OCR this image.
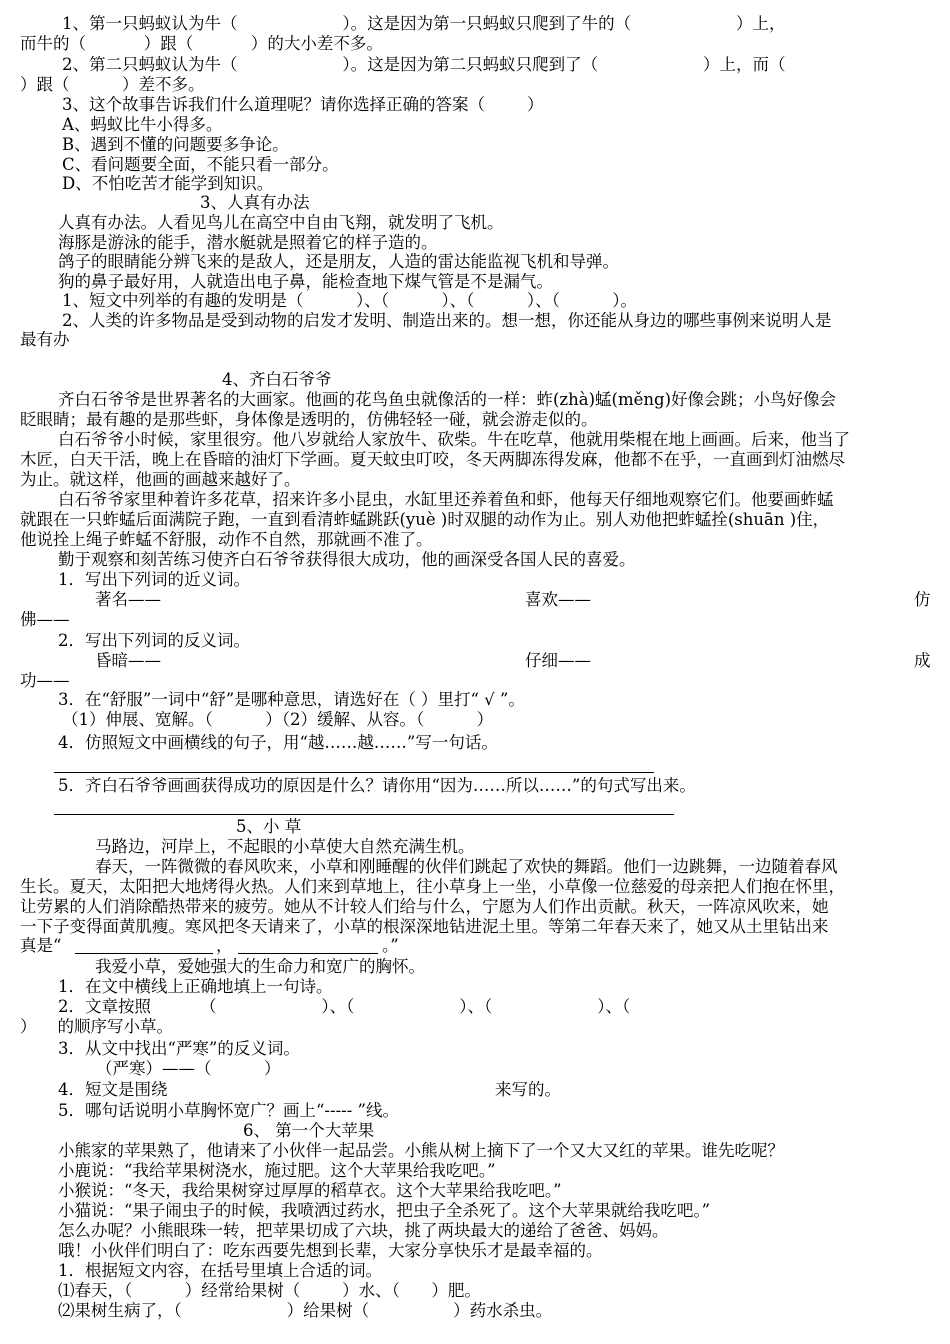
1、第一只蚂蚁认为牛（                    ）。这是因为第一只蚂蚁只爬到了牛的（                    ）上，
而牛的（           ）跟（           ）的大小差不多。
2、第二只蚂蚁认为牛（                    ）。这是因为第二只蚂蚁只爬到了（                    ）上，而（
）跟（          ）差不多。
3、这个故事告诉我们什么道理呢？请你选择正确的答案（        ）
A、蚂蚁比牛小得多。
B、遇到不懂的问题要多争论。
C、看问题要全面，不能只看一部分。
D、不怕吃苦才能学到知识。
3、人真有办法
人真有办法。人看见鸟儿在高空中自由飞翔，就发明了飞机。
海豚是游泳的能手，潜水艇就是照着它的样子造的。
鸽子的眼睛能分辨飞来的是敌人，还是朋友，人造的雷达能监视飞机和导弹。
狗的鼻子最好用，人就造出电子鼻，能检查地下煤气管是不是漏气。
1、短文中列举的有趣的发明是（          ）、（          ）、（          ）、（          ）。
2、人类的许多物品是受到动物的启发才发明、制造出来的。想一想，你还能从身边的哪些事例来说明人是
最有办
4、齐白石爷爷
齐白石爷爷是世界著名的大画家。他画的花鸟鱼虫就像活的一样：蚱(zhà)蜢(měng)好像会跳；小鸟好像会
眨眼睛；最有趣的是那些虾，身体像是透明的，仿佛轻轻一碰，就会游走似的。
白石爷爷小时候，家里很穷。他八岁就给人家放牛、砍柴。牛在吃草，他就用柴棍在地上画画。后来，他当了
木匠，白天干活，晚上在昏暗的油灯下学画。夏天蚊虫叮咬，冬天两脚冻得发麻，他都不在乎，一直画到灯油燃尽
为止。就这样，他画的画越来越好了。
白石爷爷家里种着许多花草，招来许多小昆虫，水缸里还养着鱼和虾，他每天仔细地观察它们。他要画蚱蜢
就跟在一只蚱蜢后面满院子跑，一直到看清蚱蜢跳跃(yuè )时双腿的动作为止。别人劝他把蚱蜢拴(shuān )住，
他说拴上绳子蚱蜢不舒服，动作不自然，那就画不准了。
勤于观察和刻苦练习使齐白石爷爷获得很大成功，他的画深受各国人民的喜爱。
1．写出下列词的近义词。
著名——	喜欢——	仿
佛——
2．写出下列词的反义词。
昏暗——	仔细——	成
功——
3．在“舒服”一词中“舒”是哪种意思，请选好在（ ）里打“ √ ”。
（1）伸展、宽解。（          ）（2）缓解、从容。（          ）
4．仿照短文中画横线的句子，用“越……越……”写一句话。
5．齐白石爷爷画画获得成功的原因是什么？请你用“因为……所以……”的句式写出来。
5、小 草
马路边，河岸上，不起眼的小草使大自然充满生机。
春天，一阵微微的春风吹来，小草和刚睡醒的伙伴们跳起了欢快的舞蹈。他们一边跳舞，一边随着春风
生长。夏天，太阳把大地烤得火热。人们来到草地上，往小草身上一坐，小草像一位慈爱的母亲把人们抱在怀里，
让劳累的人们消除酷热带来的疲劳。她从不计较人们给与什么，宁愿为人们作出贡献。秋天，一阵凉风吹来，她
一下子变得面黄肌瘦。寒风把冬天请来了，小草的根深深地钻进泥土里。等第二年春天来了，她又从土里钻出来
真是“	，	。”
我爱小草，爱她强大的生命力和宽广的胸怀。
1．在文中横线上正确地填上一句诗。
2．文章按照	（                    ）、（                    ）、（                    ）、（
）    的顺序写小草。
3．从文中找出“严寒”的反义词。
（严寒）——（          ）
4．短文是围绕	来写的。
5．哪句话说明小草胸怀宽广？画上“----- ”线。
6、 第一个大苹果
小熊家的苹果熟了，他请来了小伙伴一起品尝。小熊从树上摘下了一个又大又红的苹果。谁先吃呢？
小鹿说：“我给苹果树浇水，施过肥。这个大苹果给我吃吧。”
小猴说：“冬天，我给果树穿过厚厚的稻草衣。这个大苹果给我吃吧。”
小猫说：“果子闹虫子的时候，我喷洒过药水，把虫子全杀死了。这个大苹果就给我吃吧。”
怎么办呢？小熊眼珠一转，把苹果切成了六块，挑了两块最大的递给了爸爸、妈妈。
哦！小伙伴们明白了：吃东西要先想到长辈，大家分享快乐才是最幸福的。
1．根据短文内容，在括号里填上合适的词。
⑴春天，（          ）经常给果树（        ）水、（      ）肥。
⑵果树生病了，（                    ）给果树（                ）药水杀虫。
